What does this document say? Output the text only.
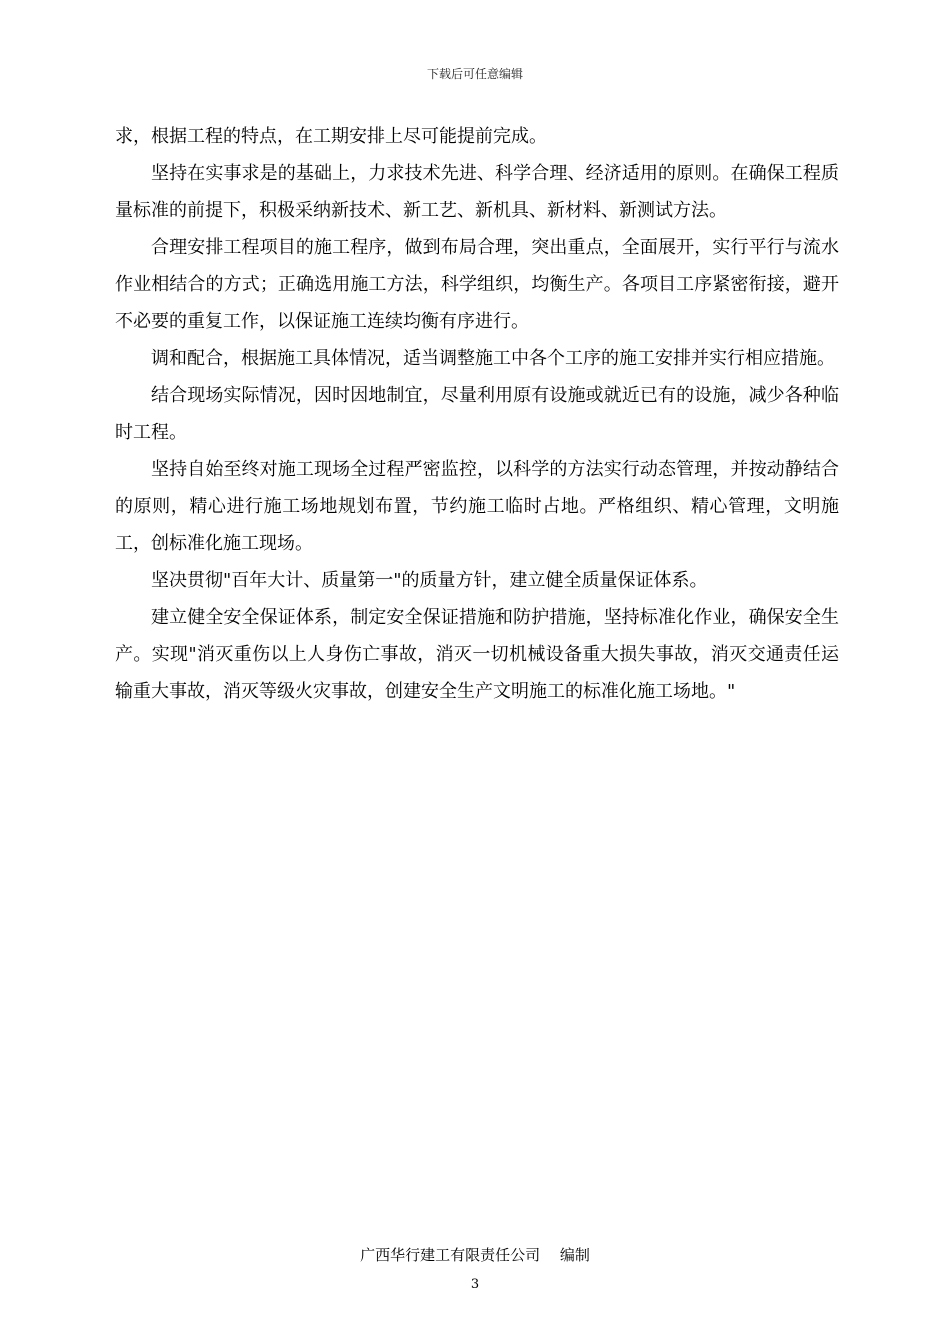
下载后可任意编辑

求，根据工程的特点，在工期安排上尽可能提前完成。

坚持在实事求是的基础上，力求技术先进、科学合理、经济适用的原则。在确保工程质量标准的前提下，积极采纳新技术、新工艺、新机具、新材料、新测试方法。

合理安排工程项目的施工程序，做到布局合理，突出重点，全面展开，实行平行与流水作业相结合的方式；正确选用施工方法，科学组织，均衡生产。各项目工序紧密衔接，避开不必要的重复工作，以保证施工连续均衡有序进行。

调和配合，根据施工具体情况，适当调整施工中各个工序的施工安排并实行相应措施。

结合现场实际情况，因时因地制宜，尽量利用原有设施或就近已有的设施，减少各种临时工程。

坚持自始至终对施工现场全过程严密监控，以科学的方法实行动态管理，并按动静结合的原则，精心进行施工场地规划布置，节约施工临时占地。严格组织、精心管理，文明施工，创标准化施工现场。

坚决贯彻"百年大计、质量第一"的质量方针，建立健全质量保证体系。

建立健全安全保证体系，制定安全保证措施和防护措施，坚持标准化作业，确保安全生产。实现"消灭重伤以上人身伤亡事故，消灭一切机械设备重大损失事故，消灭交通责任运输重大事故，消灭等级火灾事故，创建安全生产文明施工的标准化施工场地。"

广西华行建工有限责任公司　 编制
3
